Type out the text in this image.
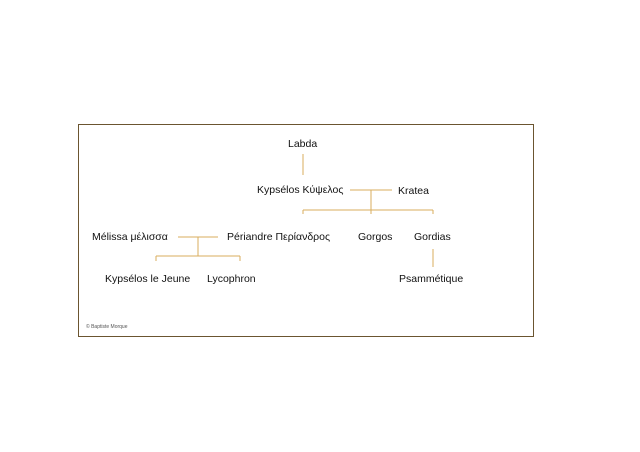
Labda
Kypsélos Κύψελος	Kratea
Mélissa μέλισσα	Périandre Περίανδρος	Gorgos Gordias
Kypsélos le Jeune Lycophron	Psammétique
© Baptiste Morque
